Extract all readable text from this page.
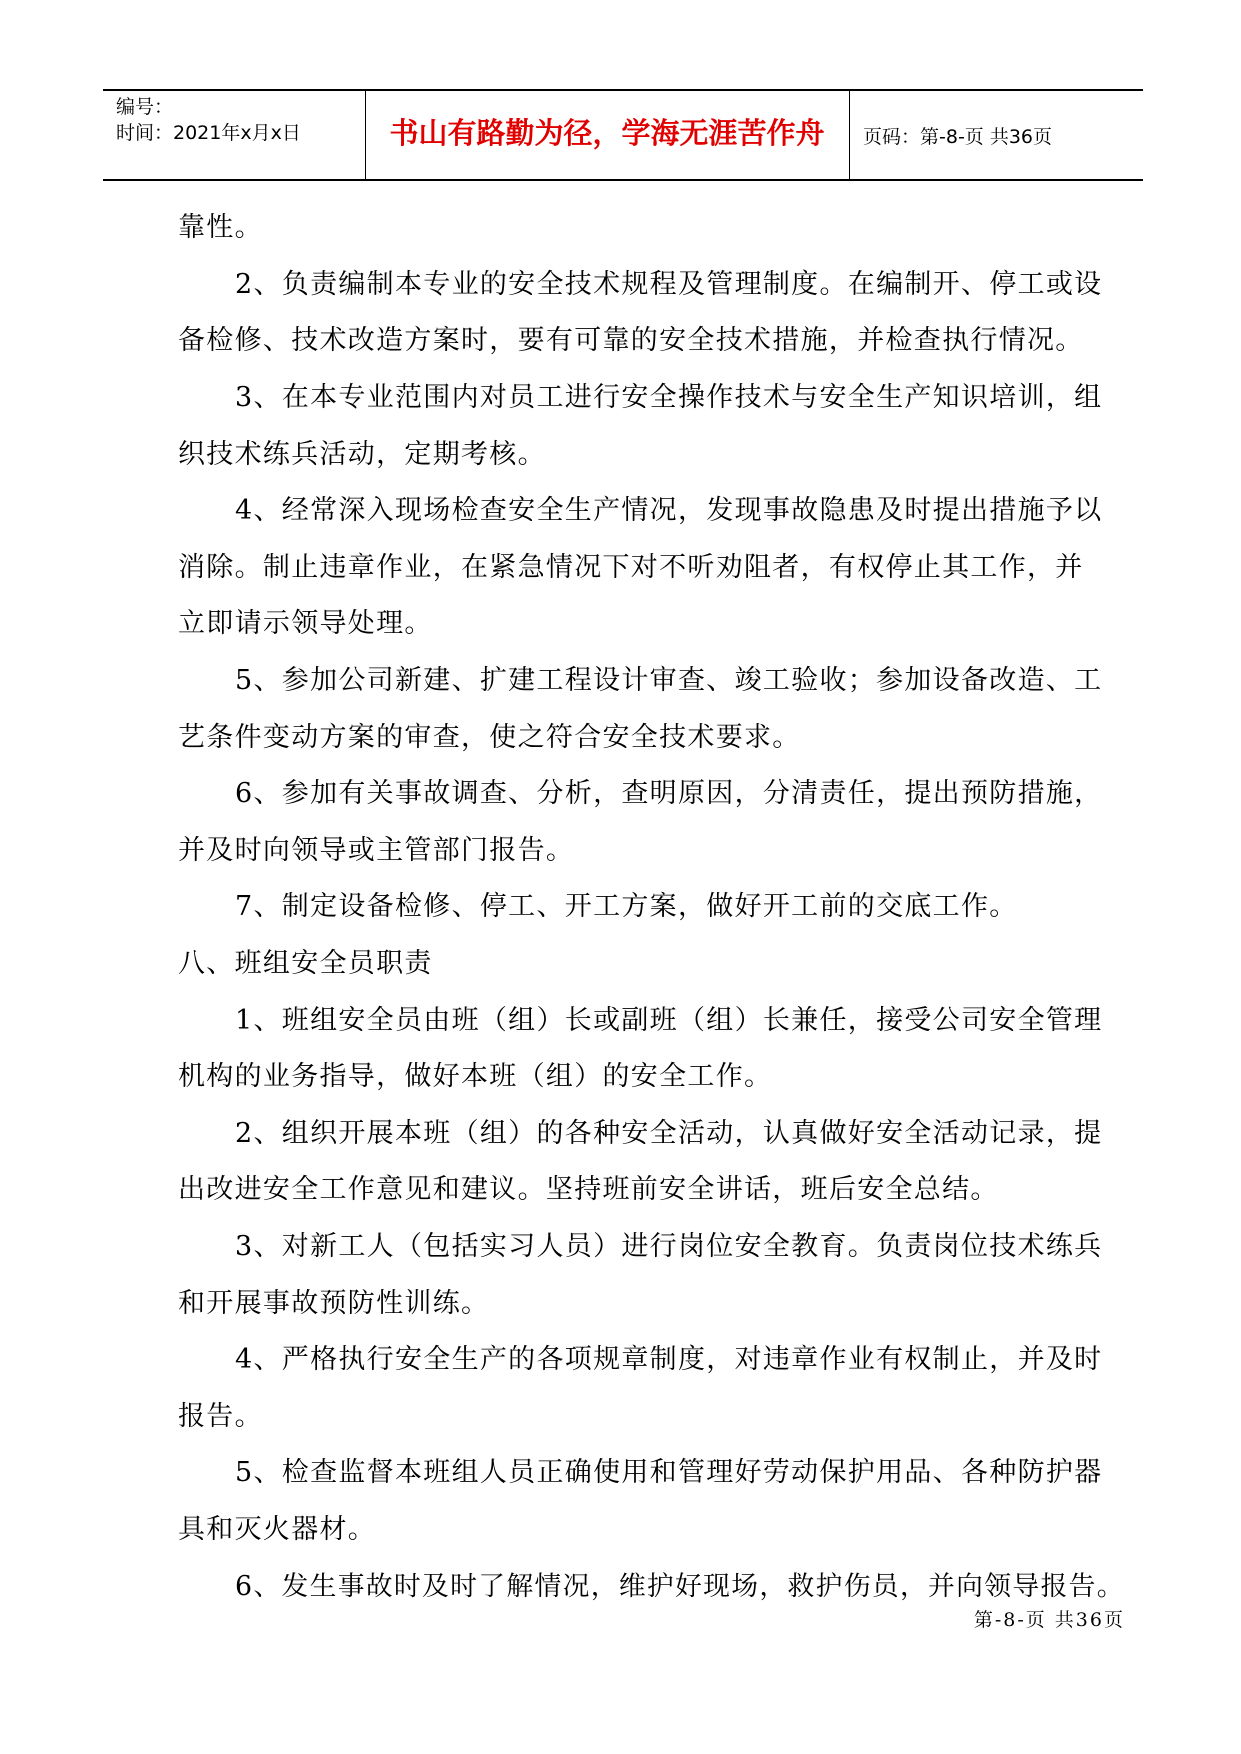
编号：
时间：2021年x月x日	书山有路勤为径，学海无涯苦作舟	页码：第-8-页 共36页
靠性。
2、负责编制本专业的安全技术规程及管理制度。在编制开、停工或设
备检修、技术改造方案时，要有可靠的安全技术措施，并检查执行情况。
3、在本专业范围内对员工进行安全操作技术与安全生产知识培训，组
织技术练兵活动，定期考核。
4、经常深入现场检查安全生产情况，发现事故隐患及时提出措施予以
消除。制止违章作业，在紧急情况下对不听劝阻者，有权停止其工作，并
立即请示领导处理。
5、参加公司新建、扩建工程设计审查、竣工验收；参加设备改造、工
艺条件变动方案的审查，使之符合安全技术要求。
6、参加有关事故调查、分析，查明原因，分清责任，提出预防措施，
并及时向领导或主管部门报告。
7、制定设备检修、停工、开工方案，做好开工前的交底工作。
八、班组安全员职责
1、班组安全员由班（组）长或副班（组）长兼任，接受公司安全管理
机构的业务指导，做好本班（组）的安全工作。
2、组织开展本班（组）的各种安全活动，认真做好安全活动记录，提
出改进安全工作意见和建议。坚持班前安全讲话，班后安全总结。
3、对新工人（包括实习人员）进行岗位安全教育。负责岗位技术练兵
和开展事故预防性训练。
4、严格执行安全生产的各项规章制度，对违章作业有权制止，并及时
报告。
5、检查监督本班组人员正确使用和管理好劳动保护用品、各种防护器
具和灭火器材。
6、发生事故时及时了解情况，维护好现场，救护伤员，并向领导报告。
第-8-页 共36页
